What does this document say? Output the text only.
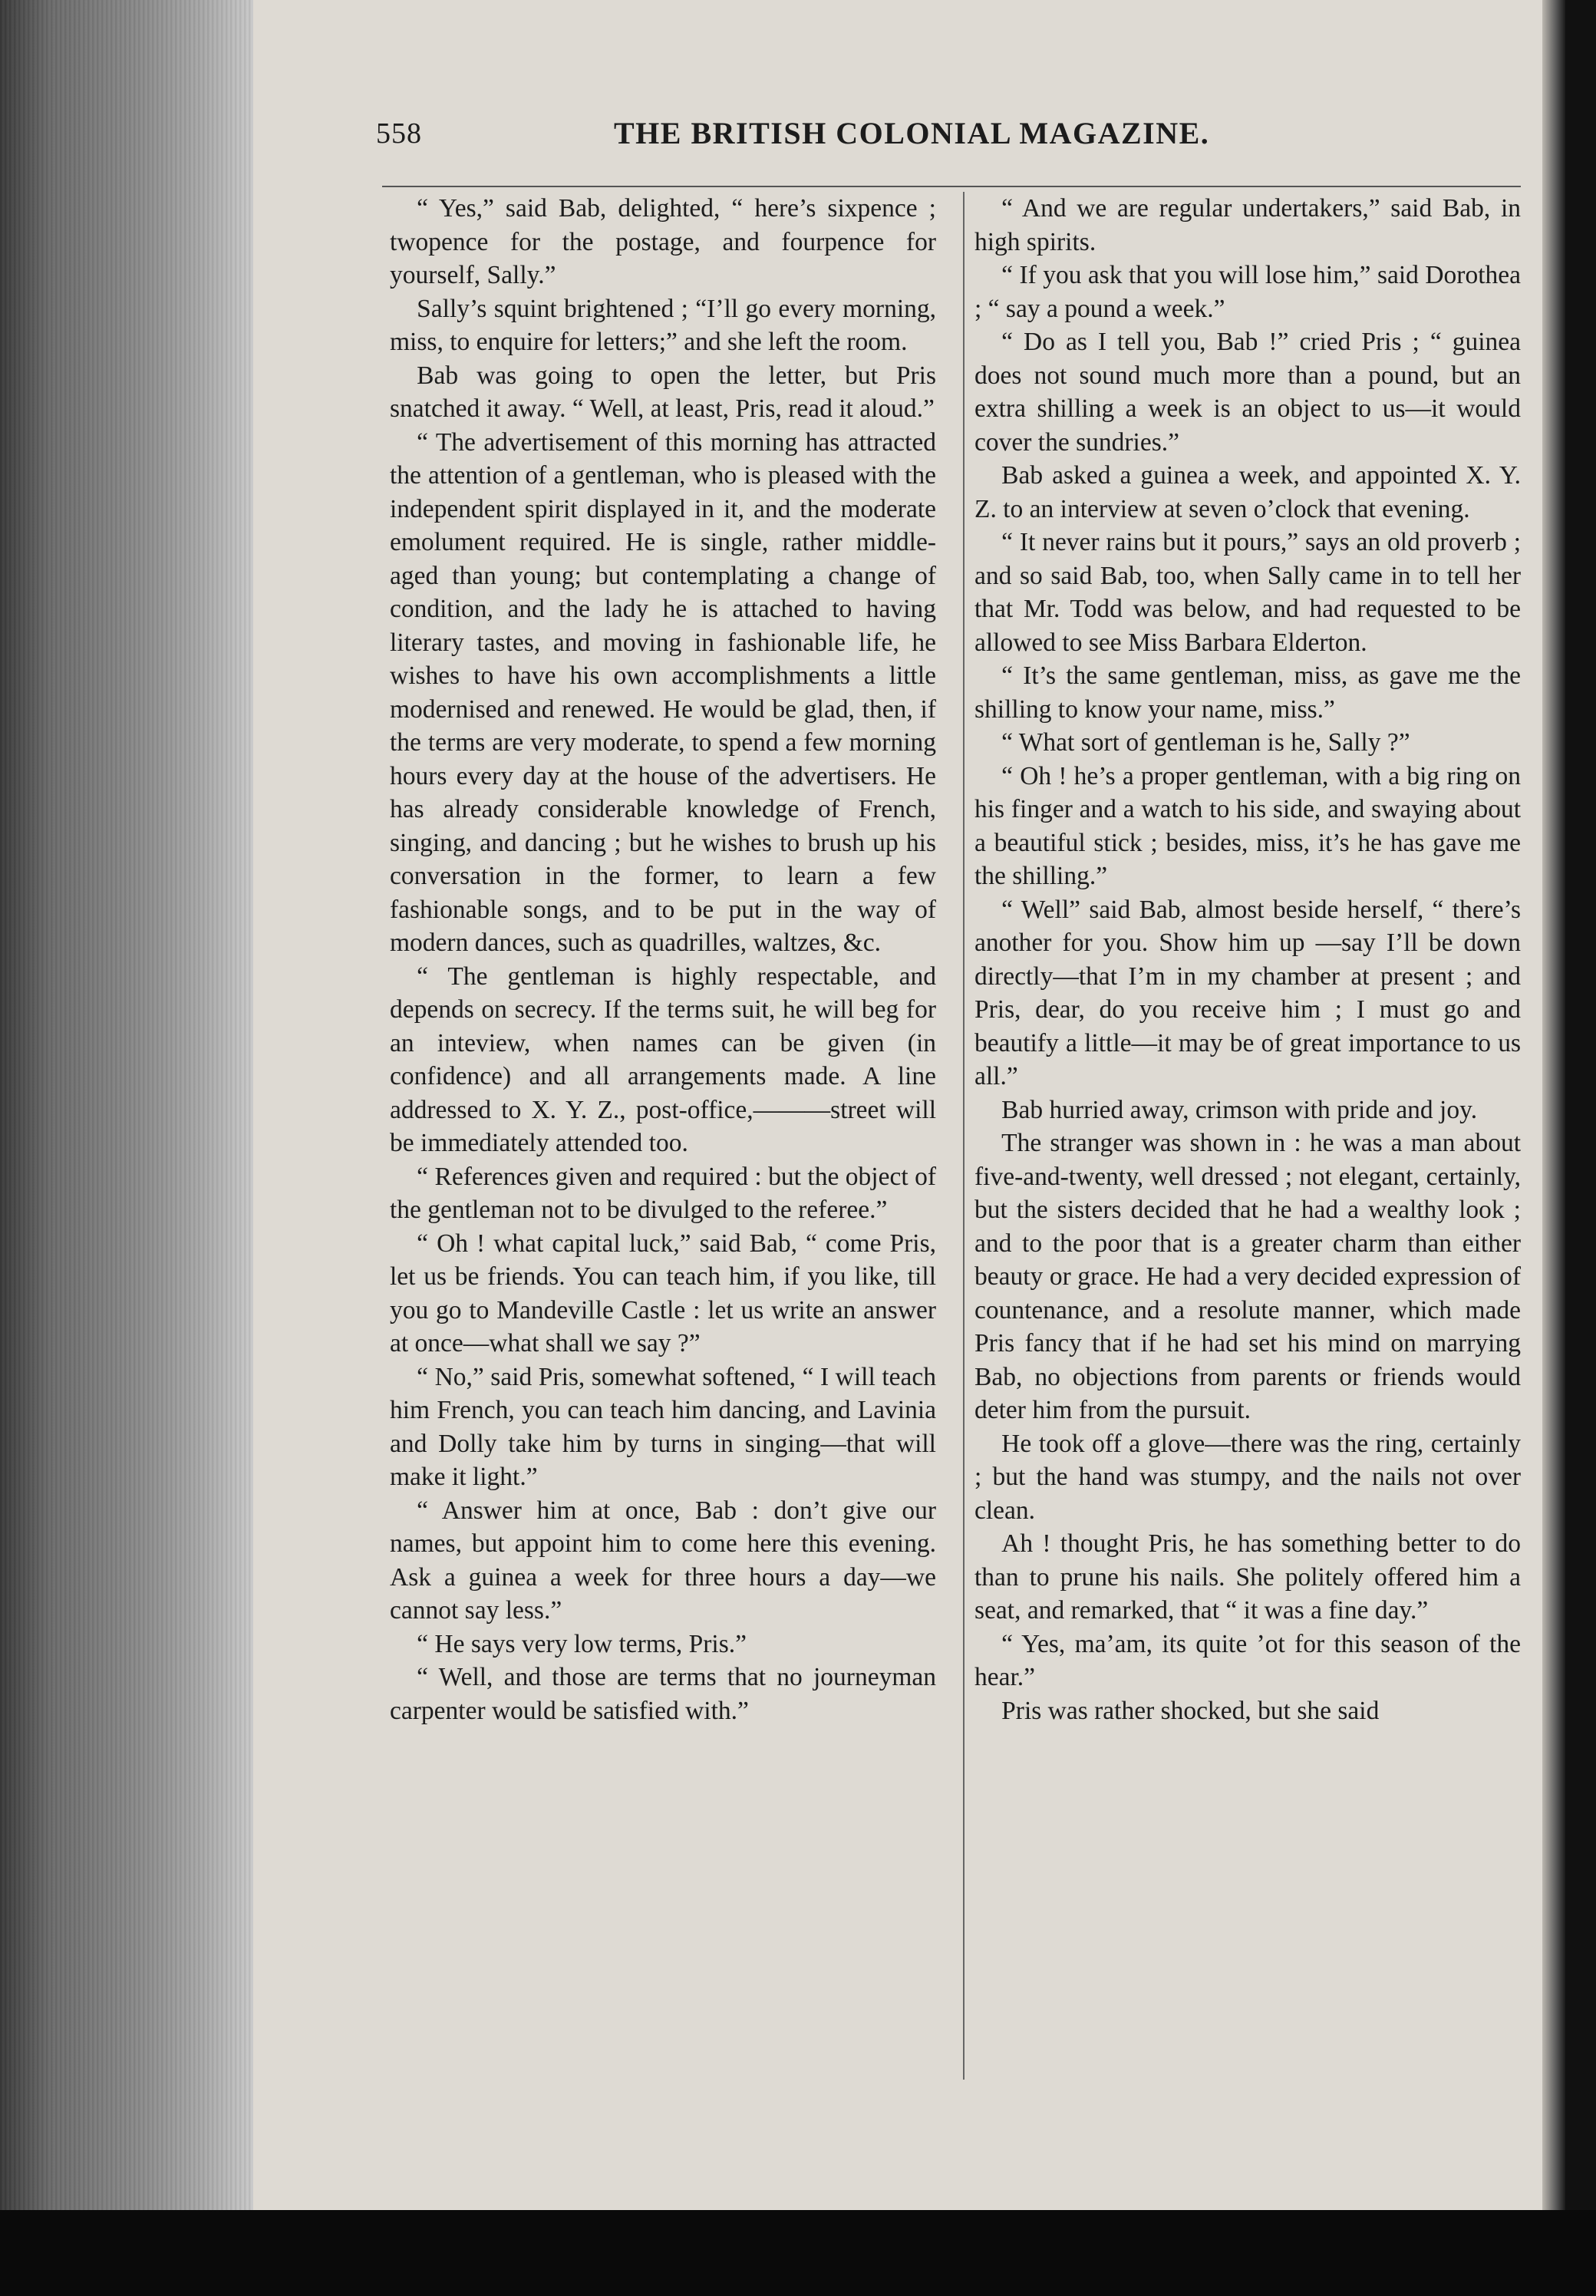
558	THE BRITISH COLONIAL MAGAZINE.

“ Yes,” said Bab, delighted, “ here’s sixpence ; twopence for the postage, and fourpence for yourself, Sally.”

Sally’s squint brightened ; “I’ll go every morning, miss, to enquire for letters;” and she left the room.

Bab was going to open the letter, but Pris snatched it away. “ Well, at least, Pris, read it aloud.”

“ The advertisement of this morning has attracted the attention of a gentleman, who is pleased with the independent spirit displayed in it, and the moderate emolument required. He is single, rather middle-aged than young; but contemplating a change of condition, and the lady he is attached to having literary tastes, and moving in fashionable life, he wishes to have his own accomplishments a little modernised and renewed. He would be glad, then, if the terms are very moderate, to spend a few morning hours every day at the house of the advertisers. He has already considerable knowledge of French, singing, and dancing ; but he wishes to brush up his conversation in the former, to learn a few fashionable songs, and to be put in the way of modern dances, such as quadrilles, waltzes, &c.

“ The gentleman is highly respectable, and depends on secrecy. If the terms suit, he will beg for an inteview, when names can be given (in confidence) and all arrangements made. A line addressed to X. Y. Z., post-office,———street will be immediately attended too.

“ References given and required : but the object of the gentleman not to be divulged to the referee.”

“ Oh ! what capital luck,” said Bab, “ come Pris, let us be friends. You can teach him, if you like, till you go to Mandeville Castle : let us write an answer at once—what shall we say ?”

“ No,” said Pris, somewhat softened, “ I will teach him French, you can teach him dancing, and Lavinia and Dolly take him by turns in singing—that will make it light.”

“ Answer him at once, Bab : don’t give our names, but appoint him to come here this evening. Ask a guinea a week for three hours a day—we cannot say less.”

“ He says very low terms, Pris.”

“ Well, and those are terms that no journeyman carpenter would be satisfied with.”

“ And we are regular undertakers,” said Bab, in high spirits.

“ If you ask that you will lose him,” said Dorothea ; “ say a pound a week.”

“ Do as I tell you, Bab !” cried Pris ; “ guinea does not sound much more than a pound, but an extra shilling a week is an object to us—it would cover the sundries.”

Bab asked a guinea a week, and appointed X. Y. Z. to an interview at seven o’clock that evening.

“ It never rains but it pours,” says an old proverb ; and so said Bab, too, when Sally came in to tell her that Mr. Todd was below, and had requested to be allowed to see Miss Barbara Elderton.

“ It’s the same gentleman, miss, as gave me the shilling to know your name, miss.”

“ What sort of gentleman is he, Sally ?”

“ Oh ! he’s a proper gentleman, with a big ring on his finger and a watch to his side, and swaying about a beautiful stick ; besides, miss, it’s he has gave me the shilling.”

“ Well” said Bab, almost beside herself, “ there’s another for you. Show him up —say I’ll be down directly—that I’m in my chamber at present ; and Pris, dear, do you receive him ; I must go and beautify a little—it may be of great importance to us all.”

Bab hurried away, crimson with pride and joy.

The stranger was shown in : he was a man about five-and-twenty, well dressed ; not elegant, certainly, but the sisters decided that he had a wealthy look ; and to the poor that is a greater charm than either beauty or grace. He had a very decided expression of countenance, and a resolute manner, which made Pris fancy that if he had set his mind on marrying Bab, no objections from parents or friends would deter him from the pursuit.

He took off a glove—there was the ring, certainly ; but the hand was stumpy, and the nails not over clean.

Ah ! thought Pris, he has something better to do than to prune his nails. She politely offered him a seat, and remarked, that “ it was a fine day.”

“ Yes, ma’am, its quite ’ot for this season of the hear.”

Pris was rather shocked, but she said
